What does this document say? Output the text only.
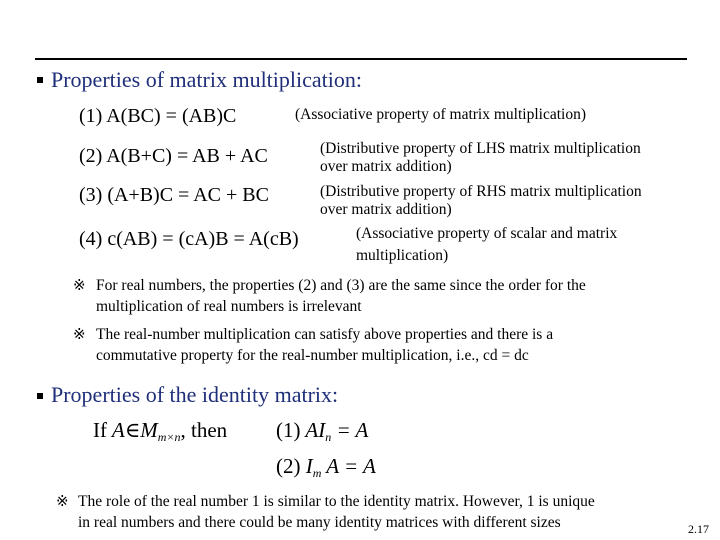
Properties of matrix multiplication:
(1) A(BC) = (AB)C	(Associative property of matrix multiplication)
(2) A(B+C) = AB + AC	(Distributive property of LHS matrix multiplication
over matrix addition)
(3) (A+B)C = AC + BC	(Distributive property of RHS matrix multiplication
over matrix addition)
(4) c(AB) = (cA)B = A(cB)	(Associative property of scalar and matrix
multiplication)
※ For real numbers, the properties (2) and (3) are the same since the order for the
multiplication of real numbers is irrelevant
※ The real-number multiplication can satisfy above properties and there is a
commutative property for the real-number multiplication, i.e., cd = dc
Properties of the identity matrix:
If $A\in M_{m\times n}$, then (1) $AI_n = A$
(2) $I_m$ A = A
※ The role of the real number 1 is similar to the identity matrix. However, 1 is unique
in real numbers and there could be many identity matrices with different sizes	2.17
